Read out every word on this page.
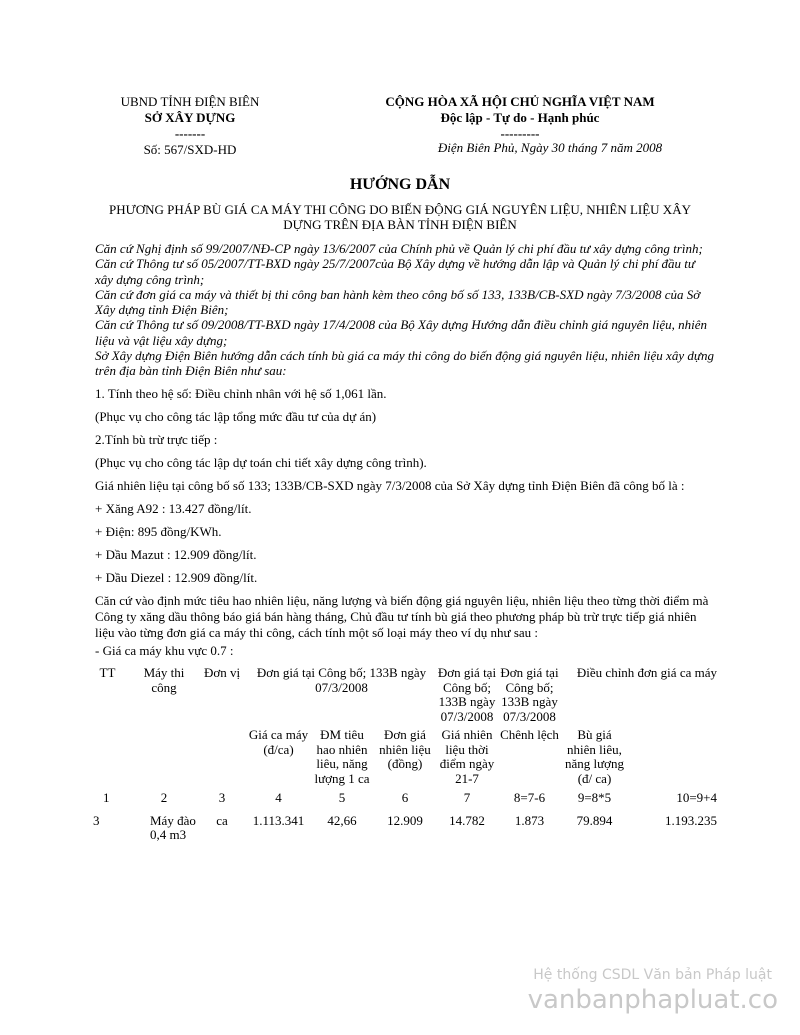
UBND TỈNH ĐIỆN BIÊN
SỞ XÂY DỰNG
-------
Số: 567/SXD-HD
CỘNG HÒA XÃ HỘI CHỦ NGHĨA VIỆT NAM
Độc lập - Tự do - Hạnh phúc
---------
Điện Biên Phủ, Ngày 30 tháng 7 năm 2008
HƯỚNG DẪN
PHƯƠNG PHÁP BÙ GIÁ CA MÁY THI CÔNG DO BIẾN ĐỘNG GIÁ NGUYÊN LIỆU, NHIÊN LIỆU XÂY DỰNG TRÊN ĐỊA BÀN TỈNH ĐIỆN BIÊN
Căn cứ Nghị định số 99/2007/NĐ-CP ngày 13/6/2007 của Chính phủ về Quản lý chi phí đầu tư xây dựng công trình;
Căn cứ Thông tư số 05/2007/TT-BXD ngày 25/7/2007của Bộ Xây dựng về hướng dẫn lập và Quản lý chi phí đầu tư xây dựng công trình;
Căn cứ đơn giá ca máy và thiết bị thi công ban hành kèm theo công bố số 133, 133B/CB-SXD ngày 7/3/2008 của Sở Xây dựng tỉnh Điện Biên;
Căn cứ Thông tư số 09/2008/TT-BXD ngày 17/4/2008 của Bộ Xây dựng Hướng dẫn điều chỉnh giá nguyên liệu, nhiên liệu và vật liệu xây dựng;
Sở Xây dựng Điện Biên hướng dẫn cách tính bù giá ca máy thi công do biến động giá nguyên liệu, nhiên liệu xây dựng trên địa bàn tỉnh Điện Biên như sau:
1. Tính theo hệ số: Điều chỉnh nhân với hệ số 1,061 lần.
(Phục vụ cho công tác lập tổng mức đầu tư của dự án)
2.Tính bù trừ trực tiếp :
(Phục vụ cho công tác lập dự toán chi tiết xây dựng công trình).
Giá nhiên liệu tại công bố số 133; 133B/CB-SXD ngày 7/3/2008 của Sở Xây dựng tỉnh Điện Biên đã công bố là :
+ Xăng A92 : 13.427 đồng/lít.
+ Điện: 895 đồng/KWh.
+ Dầu Mazut : 12.909 đồng/lít.
+ Dầu Diezel : 12.909 đồng/lít.
Căn cứ vào định mức tiêu hao nhiên liệu, năng lượng và biến động giá nguyên liệu, nhiên liệu theo từng thời điểm mà Công ty xăng dầu thông báo giá bán hàng tháng, Chủ đầu tư tính bù giá theo phương pháp bù trừ trực tiếp giá nhiên liệu vào từng đơn giá ca máy thi công, cách tính một số loại máy theo ví dụ như sau :
- Giá ca máy khu vực 0.7 :
TT	Máy thi công	Đơn vị	Đơn giá tại Công bố; 133B ngày 07/3/2008			Đơn giá tại Công bố; 133B ngày 07/3/2008	Đơn giá tại Công bố; 133B ngày 07/3/2008	Điều chỉnh đơn giá ca máy	
			Giá ca máy (đ/ca)	ĐM tiêu hao nhiên liêu, năng lượng 1 ca	Đơn giá nhiên liệu (đồng)	Giá nhiên liệu thời điểm ngày 21-7	Chênh lệch	Bù giá nhiên liêu, năng lượng (đ/ ca)	
1	2	3	4	5	6	7	8=7-6	9=8*5	10=9+4
3	Máy đào 0,4 m3	ca	1.113.341	42,66	12.909	14.782	1.873	79.894	1.193.235
Hệ thống CSDL Văn bản Pháp luật
vanbanphapluat.co
